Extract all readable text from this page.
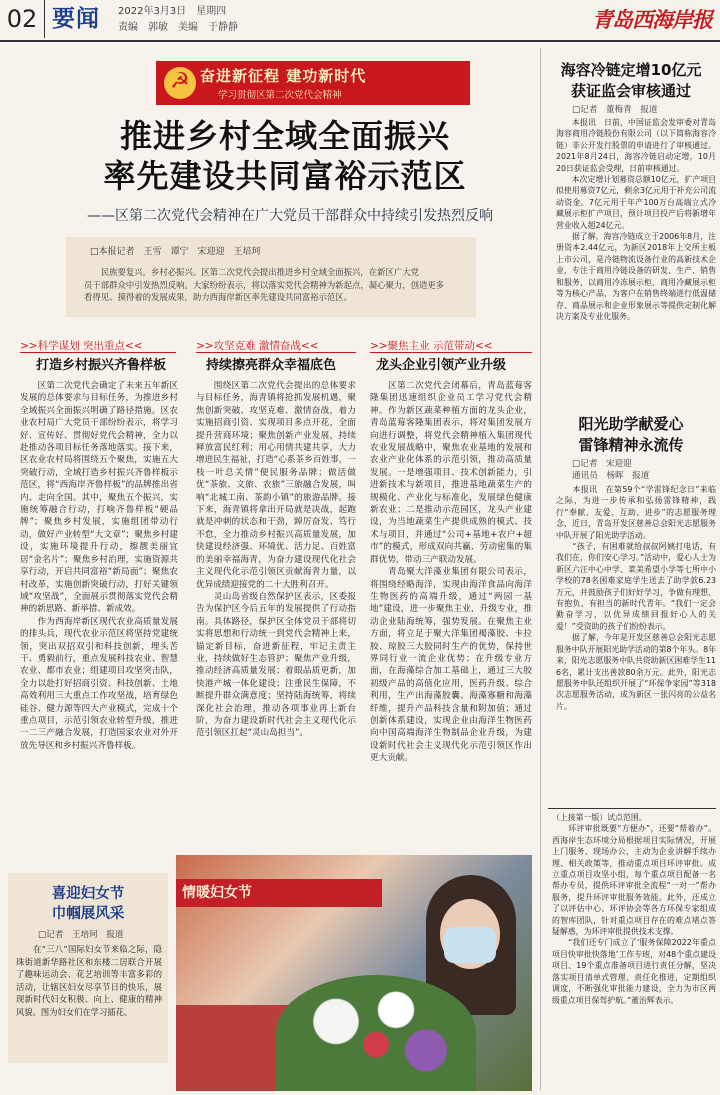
02 要闻 2022年3月3日　星期四
责编　郭敏　美编　于静静	青岛西海岸报
☭ 奋进新征程 建功新时代
学习贯彻区第二次党代会精神
推进乡村全域全面振兴
率先建设共同富裕示范区
——区第二次党代会精神在广大党员干部群众中持续引发热烈反响
□本报记者　王雪　谭宁　宋迎迎　王培珂
　　民族要复兴，乡村必振兴。区第二次党代会提出推进乡村全域全面振兴，在新区广大党
员干部群众中引发热烈反响。大家纷纷表示，将以落实党代会精神为新起点，凝心聚力，创造更多
看得见、摸得着的发展成果，助力西海岸新区率先建设共同富裕示范区。
>>科学谋划 突出重点<<
打造乡村振兴齐鲁样板
　　区第二次党代会确定了未来五年新区发展的总体要求与目标任务，为推进乡村全域振兴全面振兴明确了路径措施。区农业农村局广大党员干部纷纷表示，将学习好、宣传好、贯彻好党代会精神，全力以赴推动各项目标任务落地落实。接下来，区农业农村局将围绕五个聚焦，实施五大突破行动，全域打造乡村振兴齐鲁样板示范区，将“西海岸齐鲁样板”的品牌推出省内、走向全国。其中，聚焦五个振兴，实施统筹融合行动，打响齐鲁样板“硬品牌”；聚焦乡村发展，实施组团带动行动，做好产业转型“大文章”；聚焦乡村建设，实施环境提升行动，擦靓美丽宜居“金名片”；聚焦乡村治理，实施资源共享行动，开启共同富裕“新局面”；聚焦农村改革，实施创新突破行动，打好关键领域“攻坚战”，全面展示贯彻落实党代会精神的新思路、新举措、新成效。
　　作为西海岸新区现代农业高质量发展的排头兵，现代农业示范区将坚持党建统领，突出双招双引和科技创新，埋头苦干、勇毅前行，重点发展科技农业、智慧农业、都市农业；组建项目攻坚突击队，全力以赴打好招商引资、科技创新、土地高效利用三大重点工作攻坚战，培育绿色硅谷、健力源等四大产业模式，完成十个重点项目，示范引领农业转型升级，推进一二三产融合发展，打造国家农业对外开放先导区和乡村振兴齐鲁样板。
>>攻坚克难 激情奋战<<
持续擦亮群众幸福底色
　　围绕区第二次党代会提出的总体要求与目标任务，海青镇将抢抓发展机遇，聚焦创新突破、攻坚克难、激情奋战，着力实施招商引资、实现项目多点开花，全面提升营商环境；聚焦创新产业发展，持续释放富民红利；用心用情共建共享，大力增进民生福祉，打造“心系茶乡百姓事，一枝一叶总关情”便民服务品牌；做活做优“茶旅、文旅、农旅”三旅融合发展，叫响“北城工南、茶韵小镇”的旅游品牌。接下来，海青镇将拿出开局就是决战，起跑就是冲刺的状态和干劲，踔厉奋发、笃行不怠，全力推动乡村振兴高质量发展，加快建设经济强、环境优、活力足、百姓富的美丽幸福海青，为奋力建设现代化社会主义现代化示范引领区贡献海青力量，以优异成绩迎接党的二十大胜利召开。
　　灵山岛省级自然保护区表示，区委报告为保护区今后五年的发展提供了行动指南。具体路径，保护区全体党员干部将切实将思想和行动统一到党代会精神上来，锚定新目标，奋进新征程，牢记主责主业，持续做好生态管护；聚焦产业升级，推动经济高质量发展；着眼品质更新，加快港产城一体化建设；注重民生保障，不断提升群众满意度；坚持陆海统筹，将续深化社会治理，推动各项事业再上新台阶，为奋力建设新时代社会主义现代化示范引领区扛起“灵山岛担当”。
>>聚焦主业 示范带动<<
龙头企业引领产业升级
　　区第二次党代会闭幕后，青岛蓝莓客隆集团迅速组织企业员工学习党代会精神。作为新区蔬菜种植方面的龙头企业，青岛蓝莓客隆集团表示，将对集团发展方向进行调整，将党代会精神植入集团现代农业发展战略中，聚焦农业基地的发展和农业产业化体系的示范引领，推动高质量发展。一是增强项目、技术创新能力，引进新技术与新项目，推进基地蔬菜生产的规模化、产业化与标准化，发展绿色健康新农业；二是推动示范园区，龙头产业建设，为当地蔬菜生产提供成熟的模式、技术与项目，并通过“公司+基地+农户+超市”的模式，形成双向共赢、劳动密集的集群优势，带动三产联动发展。
　　青岛聚大洋藻业集团有限公司表示，将围绕经略海洋，实现由海洋食品向海洋生物医药的高端升级，通过“两园一基地”建设，进一步聚焦主业，升级专业，推动企业陆海统筹，强势发展。在聚焦主业方面，将立足于聚大洋集团褐藻胶、卡拉胶、琼胶三大胶同时生产的优势，保持世界同行业一流企业优势；在升级专业方面，在海藻综合加工基础上，通过三大胶初级产品的高值化应用，医药升级、综合利用，生产出海藻胶囊、海藻寡糖和海藻纤维，提升产品科技含量和附加值；通过创新体系建设，实现企业由海洋生物医药向中国高端海洋生物制品企业升级，为建设新时代社会主义现代化示范引领区作出更大贡献。
海容冷链定增10亿元
获证监会审核通过
□记者　董梅青　报道
　　本报讯　日前，中国证监会发审委对青岛海容商用冷链股份有限公司（以下简称海容冷链）非公开发行股票的申请进行了审核通过。2021年8月24日，海容冷链启动定增，10月20日获证监会受理，日前审核通过。
　　本次定增计划募资总额10亿元，扩产项目拟使用募资7亿元，剩余3亿元用于补充公司流动资金。7亿元用于年产100万台高端立式冷藏展示柜扩产项目，预计项目投产后将新增年营业收入超24亿元。
　　据了解，海容冷链成立于2006年8月，注册资本2.44亿元，为新区2018年上交所主板上市公司，是冷链物流设备行业的高新技术企业，专注于商用冷链设备的研发、生产、销售和服务，以商用冷冻展示柜、商用冷藏展示柜等为核心产品，为客户在销售终端进行低温储存、商品展示和企业形象展示等提供定制化解决方案及专业化服务。
阳光助学献爱心
雷锋精神永流传
□记者　宋迎迎
通讯员　杨晖　报道
　　本报讯　在第59个“学雷锋纪念日”来临之际，为进一步传承和弘扬雷锋精神，践行“奉献、友爱、互助、进步”的志愿服务理念，近日，青岛开发区慈善总会阳光志愿服务中队开展了阳光助学活动。
　　“孩子，有困难就给叔叔阿姨打电话，有我们在，你们安心学习。”活动中，爱心人士为新区六汪中心中学、菜美希望小学等七所中小学校的78名困难家庭学生送去了助学款6.23万元，并鼓励孩子们好好学习，争做有理想、有抱负、有担当的新时代青年。“我们一定会勤奋学习，以优异成绩回报好心人的关爱！”受资助的孩子们纷纷表示。
　　据了解，今年是开发区慈善总会阳光志愿服务中队开展阳光助学活动的第8个年头。8年来，阳光志愿服务中队共资助新区困难学生116名，累计支出善款80余万元。此外，阳光志愿服务中队还组织开展了“环保争家园”等318次志愿服务活动，成为新区一张闪亮的公益名片。
（上接第一版）试点范围。
　　环评审批既要“方便办”，还要“帮着办”。西海岸生态环境分局根据项目实际情况，开展上门服务、现场办公，主动为企业讲解手续办理、相关政策等，推动重点项目环评审批。成立重点项目攻坚小组，每个重点项目配备一名帮办专员，提供环评审批全流程“一对一”帮办服务，提升环评审批服务效能。此外，还成立了以评估中心、环评协会等各方环保专家组成的智库团队，针对重点项目存在的难点堵点答疑解惑，为环评审批提供技术支撑。
　　“我们还专门成立了‘服务保障2022年重点项目快审批快落地’工作专班，对48个重点建设项目、19个重点准备项目进行责任分解，坚决落实项目清单式管理、责任化推进，定期组织调度，不断强化审批能力建设，全力为市区两级重点项目保驾护航。”董治辉表示。
喜迎妇女节
巾帼展风采
□记者　王培珂　报道
　　在“三八”国际妇女节来临之际，隐珠街道新华路社区和东楼二居联合开展了趣味运动会、花艺培训等丰富多彩的活动，让辖区妇女尽享节日的快乐，展现新时代妇女积极、向上、健康的精神风貌。图为妇女们在学习插花。
情暖妇女节
